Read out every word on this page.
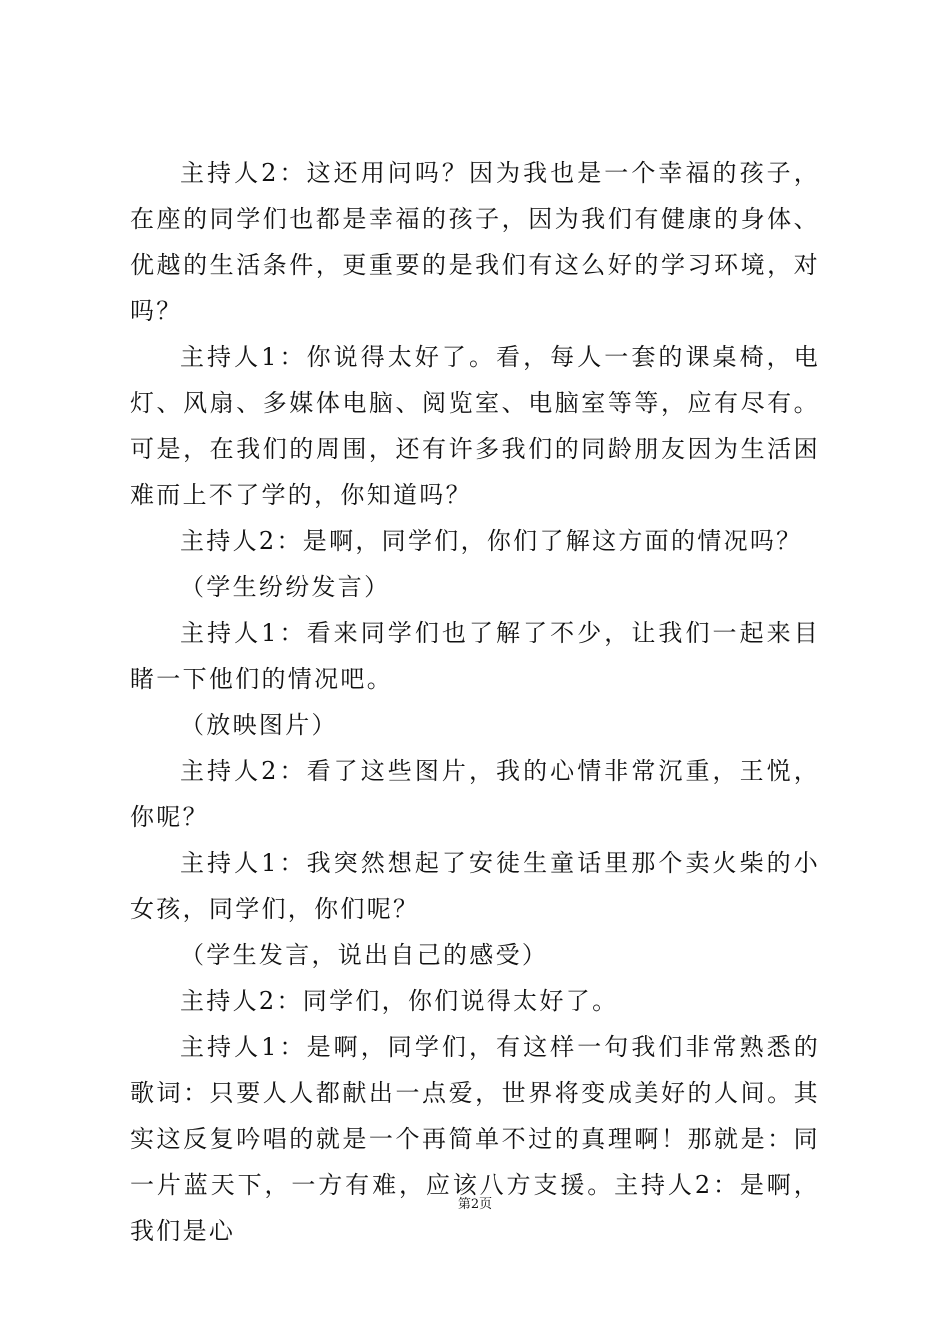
主持人2：这还用问吗？因为我也是一个幸福的孩子，在座的同学们也都是幸福的孩子，因为我们有健康的身体、优越的生活条件，更重要的是我们有这么好的学习环境，对吗？

主持人1：你说得太好了。看，每人一套的课桌椅，电灯、风扇、多媒体电脑、阅览室、电脑室等等，应有尽有。可是，在我们的周围，还有许多我们的同龄朋友因为生活困难而上不了学的，你知道吗？

主持人2：是啊，同学们，你们了解这方面的情况吗？

（学生纷纷发言）

主持人1：看来同学们也了解了不少，让我们一起来目睹一下他们的情况吧。

（放映图片）

主持人2：看了这些图片，我的心情非常沉重，王悦，你呢？

主持人1：我突然想起了安徒生童话里那个卖火柴的小女孩，同学们，你们呢？

（学生发言，说出自己的感受）

主持人2：同学们，你们说得太好了。

主持人1：是啊，同学们，有这样一句我们非常熟悉的歌词：只要人人都献出一点爱，世界将变成美好的人间。其实这反复吟唱的就是一个再简单不过的真理啊！那就是：同一片蓝天下，一方有难，应该八方支援。主持人2：是啊，我们是心

第2页
